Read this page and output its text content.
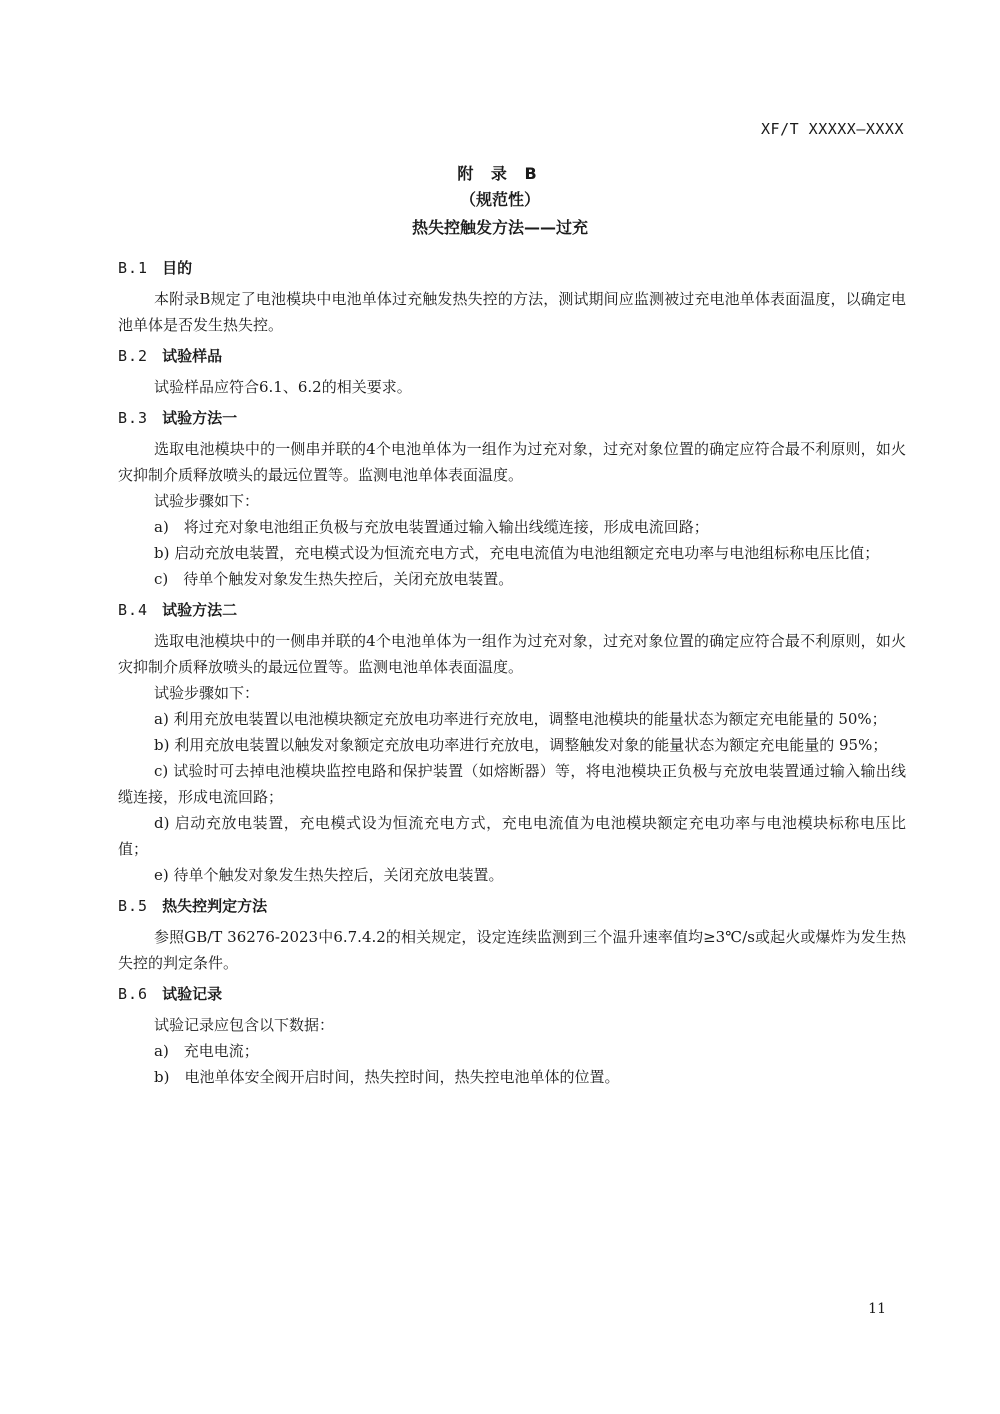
XF/T XXXXX—XXXX
附 录 B
（规范性）
热失控触发方法——过充
B.1 目的

本附录B规定了电池模块中电池单体过充触发热失控的方法，测试期间应监测被过充电池单体表面温度，以确定电池单体是否发生热失控。

B.2 试验样品

试验样品应符合6.1、6.2的相关要求。

B.3 试验方法一

选取电池模块中的一侧串并联的4个电池单体为一组作为过充对象，过充对象位置的确定应符合最不利原则，如火灾抑制介质释放喷头的最远位置等。监测电池单体表面温度。

试验步骤如下：

a)　将过充对象电池组正负极与充放电装置通过输入输出线缆连接，形成电流回路；

b) 启动充放电装置，充电模式设为恒流充电方式，充电电流值为电池组额定充电功率与电池组标称电压比值；

c)　待单个触发对象发生热失控后，关闭充放电装置。

B.4 试验方法二

选取电池模块中的一侧串并联的4个电池单体为一组作为过充对象，过充对象位置的确定应符合最不利原则，如火灾抑制介质释放喷头的最远位置等。监测电池单体表面温度。

试验步骤如下：

a) 利用充放电装置以电池模块额定充放电功率进行充放电，调整电池模块的能量状态为额定充电能量的 50%；

b) 利用充放电装置以触发对象额定充放电功率进行充放电，调整触发对象的能量状态为额定充电能量的 95%；

c) 试验时可去掉电池模块监控电路和保护装置（如熔断器）等，将电池模块正负极与充放电装置通过输入输出线缆连接，形成电流回路；

d) 启动充放电装置，充电模式设为恒流充电方式，充电电流值为电池模块额定充电功率与电池模块标称电压比值；

e) 待单个触发对象发生热失控后，关闭充放电装置。

B.5 热失控判定方法

参照GB/T 36276-2023中6.7.4.2的相关规定，设定连续监测到三个温升速率值均≥3℃/s或起火或爆炸为发生热失控的判定条件。

B.6 试验记录

试验记录应包含以下数据：

a)　充电电流；

b)　电池单体安全阀开启时间，热失控时间，热失控电池单体的位置。

11
